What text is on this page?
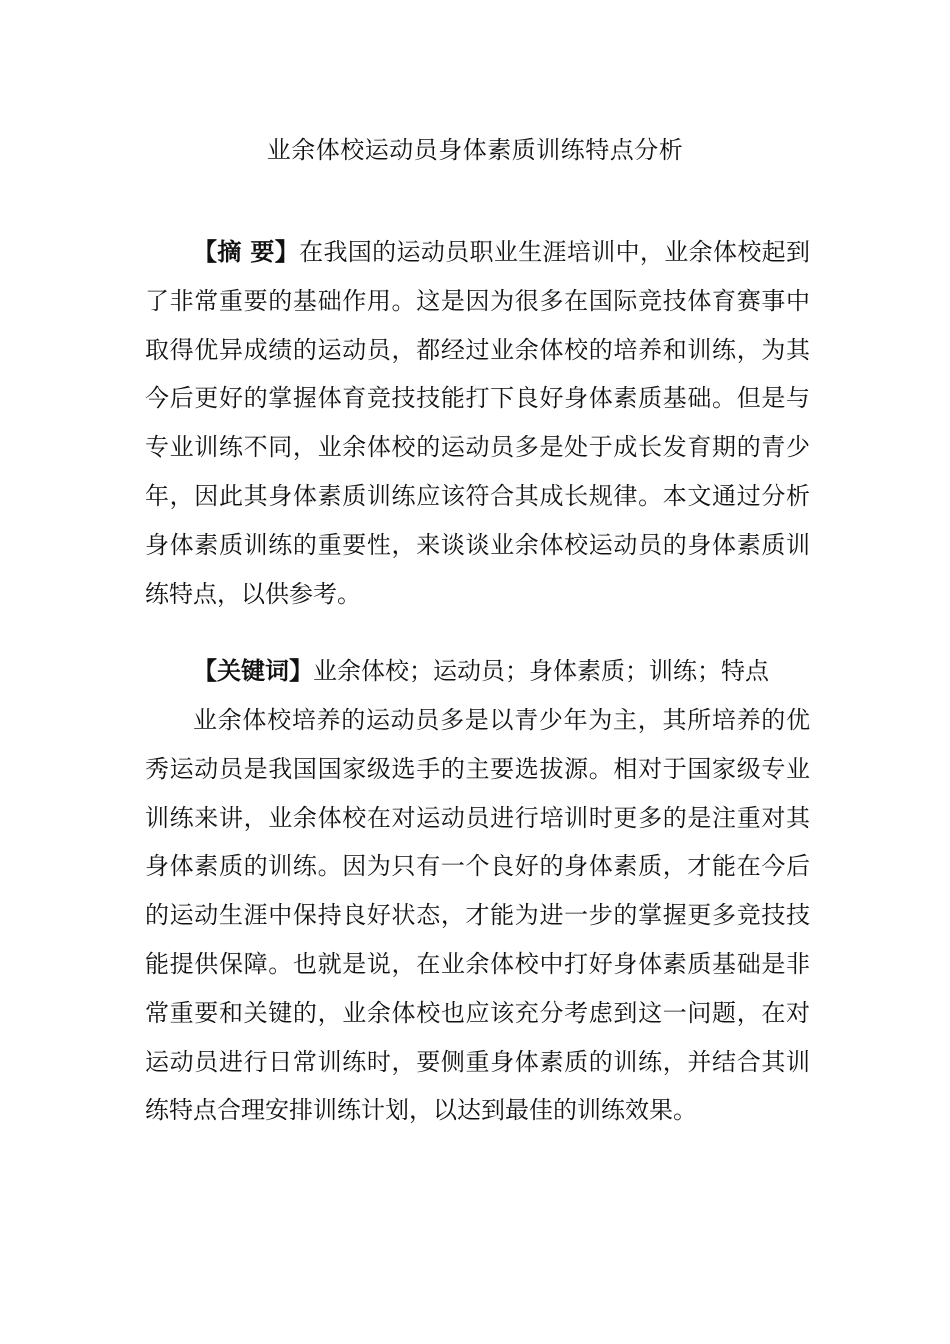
业余体校运动员身体素质训练特点分析

【摘 要】在我国的运动员职业生涯培训中，业余体校起到了非常重要的基础作用。这是因为很多在国际竞技体育赛事中取得优异成绩的运动员，都经过业余体校的培养和训练，为其今后更好的掌握体育竞技技能打下良好身体素质基础。但是与专业训练不同，业余体校的运动员多是处于成长发育期的青少年，因此其身体素质训练应该符合其成长规律。本文通过分析身体素质训练的重要性，来谈谈业余体校运动员的身体素质训练特点，以供参考。

【关键词】业余体校；运动员；身体素质；训练；特点

业余体校培养的运动员多是以青少年为主，其所培养的优秀运动员是我国国家级选手的主要选拔源。相对于国家级专业训练来讲，业余体校在对运动员进行培训时更多的是注重对其身体素质的训练。因为只有一个良好的身体素质，才能在今后的运动生涯中保持良好状态，才能为进一步的掌握更多竞技技能提供保障。也就是说，在业余体校中打好身体素质基础是非常重要和关键的，业余体校也应该充分考虑到这一问题，在对运动员进行日常训练时，要侧重身体素质的训练，并结合其训练特点合理安排训练计划，以达到最佳的训练效果。
